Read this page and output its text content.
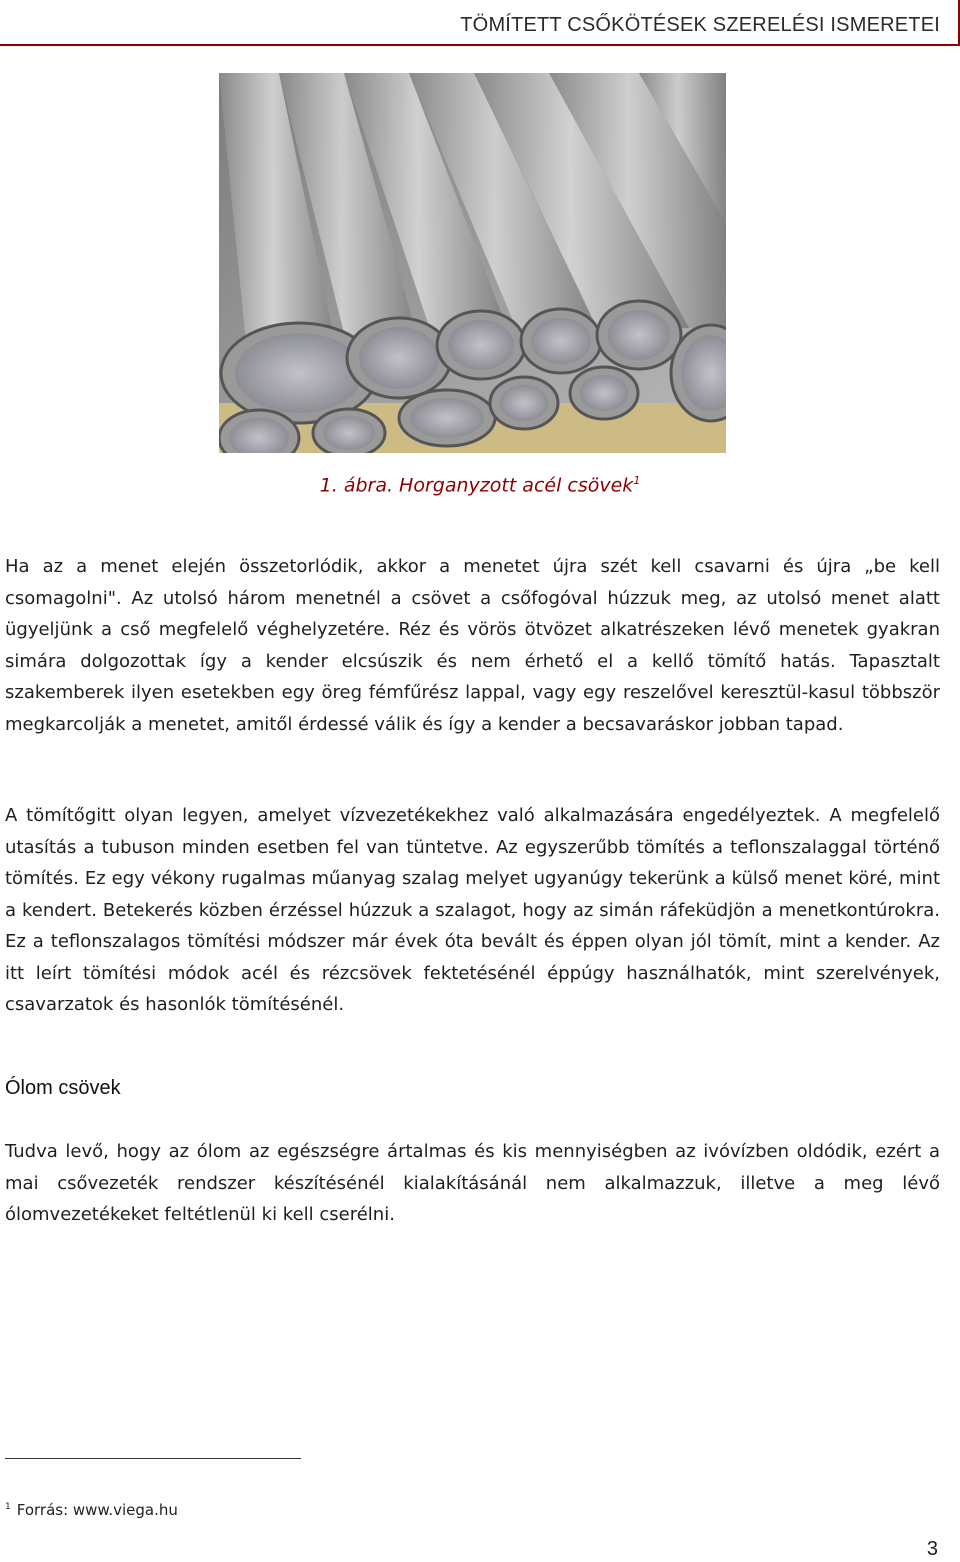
TÖMÍTETT CSŐKÖTÉSEK SZERELÉSI ISMERETEI
1. ábra. Horganyzott acél csövek$^1$

Ha az a menet elején összetorlódik, akkor a menetet újra szét kell csavarni és újra „be kell csomagolni". Az utolsó három menetnél a csövet a csőfogóval húzzuk meg, az utolsó menet alatt ügyeljünk a cső megfelelő véghelyzetére. Réz és vörös ötvözet alkatrészeken lévő menetek gyakran simára dolgozottak így a kender elcsúszik és nem érhető el a kellő tömítő hatás. Tapasztalt szakemberek ilyen esetekben egy öreg fémfűrész lappal, vagy egy reszelővel keresztül-kasul többször megkarcolják a menetet, amitől érdessé válik és így a kender a becsavaráskor jobban tapad.

A tömítőgitt olyan legyen, amelyet vízvezetékekhez való alkalmazására engedélyeztek. A megfelelő utasítás a tubuson minden esetben fel van tüntetve. Az egyszerűbb tömítés a teflonszalaggal történő tömítés. Ez egy vékony rugalmas műanyag szalag melyet ugyanúgy tekerünk a külső menet köré, mint a kendert. Betekerés közben érzéssel húzzuk a szalagot, hogy az simán ráfeküdjön a menetkontúrokra. Ez a teflonszalagos tömítési módszer már évek óta bevált és éppen olyan jól tömít, mint a kender. Az itt leírt tömítési módok acél és rézcsövek fektetésénél éppúgy használhatók, mint szerelvények, csavarzatok és hasonlók tömítésénél.

Ólom csövek

Tudva levő, hogy az ólom az egészségre ártalmas és kis mennyiségben az ivóvízben oldódik, ezért a mai csővezeték rendszer készítésénél kialakításánál nem alkalmazzuk, illetve a meg lévő ólomvezetékeket feltétlenül ki kell cserélni.

$^1$ Forrás: www.viega.hu
3
